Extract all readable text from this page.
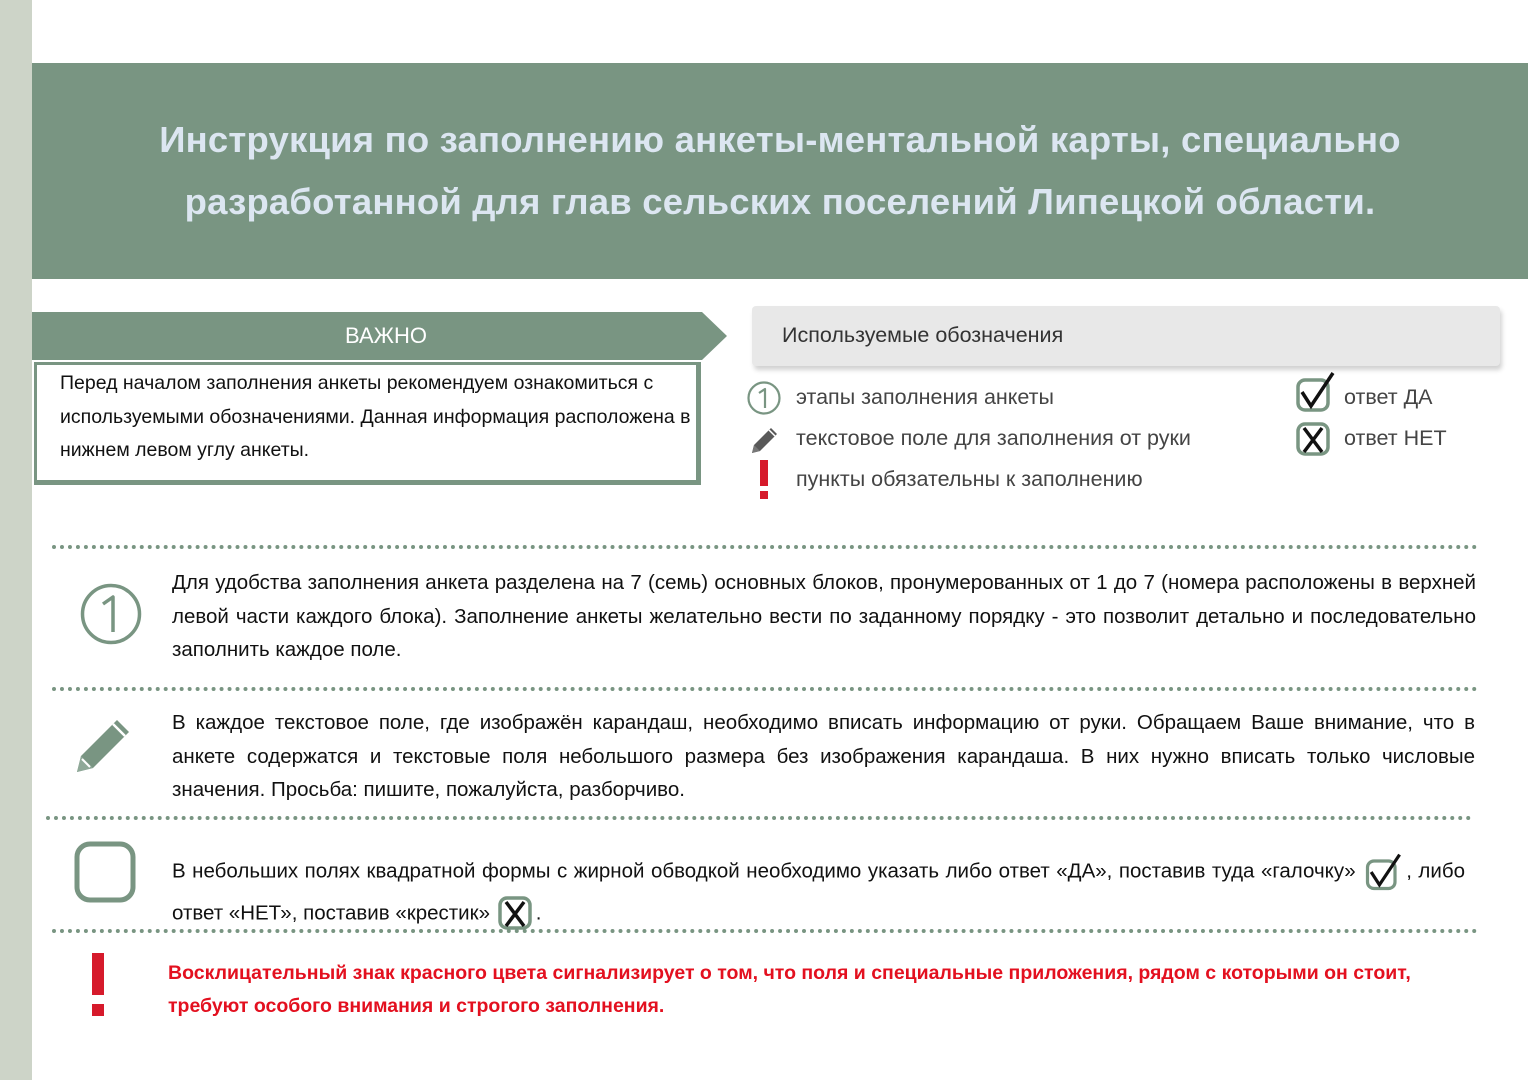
Инструкция по заполнению анкеты-ментальной карты, специально
разработанной для глав сельских поселений Липецкой области.
ВАЖНО
Перед началом заполнения анкеты рекомендуем ознакомиться с используемыми обозначениями. Данная информация расположена в нижнем левом углу анкеты.
Используемые обозначения
этапы заполнения анкеты
текстовое поле для заполнения от руки
пункты обязательны к заполнению
ответ ДА
ответ НЕТ
Для удобства заполнения анкета разделена на 7 (семь) основных блоков, пронумерованных от 1 до 7 (номера расположены в верхней левой части каждого блока). Заполнение анкеты желательно вести по заданному порядку - это позволит детально и последовательно заполнить каждое поле.
В каждое текстовое поле, где изображён карандаш, необходимо вписать информацию от руки. Обращаем Ваше внимание, что в анкете содержатся и текстовые поля небольшого размера без изображения карандаша. В них нужно вписать только числовые значения. Просьба: пишите, пожалуйста, разборчиво.
В небольших полях квадратной формы с жирной обводкой необходимо указать либо ответ «ДА», поставив туда «галочку» , либо ответ «НЕТ», поставив «крестик» .
Восклицательный знак красного цвета сигнализирует о том, что поля и специальные приложения, рядом с которыми он стоит, требуют особого внимания и строгого заполнения.
